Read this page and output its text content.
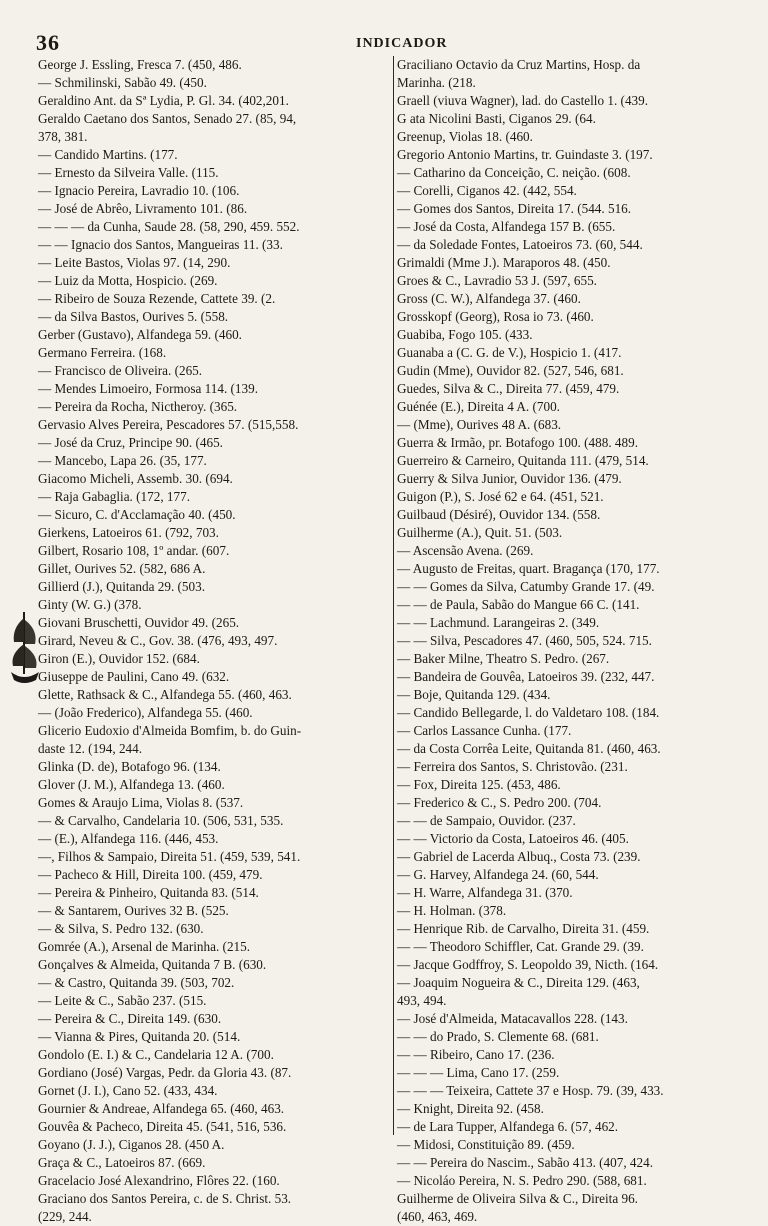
36	INDICADOR
George J. Essling, Fresca 7. (450, 486.
— Schmilinski, Sabão 49. (450.
Geraldino Ant. da Sª Lydia, P. Gl. 34. (402,201.
Geraldo Caetano dos Santos, Senado 27. (85, 94,
378, 381.
— Candido Martins. (177.
— Ernesto da Silveira Valle. (115.
— Ignacio Pereira, Lavradio 10. (106.
— José de Abrêo, Livramento 101. (86.
— — — da Cunha, Saude 28. (58, 290, 459. 552.
— — Ignacio dos Santos, Mangueiras 11. (33.
— Leite Bastos, Violas 97. (14, 290.
— Luiz da Motta, Hospicio. (269.
— Ribeiro de Souza Rezende, Cattete 39. (2.
— da Silva Bastos, Ourives 5. (558.
Gerber (Gustavo), Alfandega 59. (460.
Germano Ferreira. (168.
— Francisco de Oliveira. (265.
— Mendes Limoeiro, Formosa 114. (139.
— Pereira da Rocha, Nictheroy. (365.
Gervasio Alves Pereira, Pescadores 57. (515,558.
— José da Cruz, Principe 90. (465.
— Mancebo, Lapa 26. (35, 177.
Giacomo Micheli, Assemb. 30. (694.
— Raja Gabaglia. (172, 177.
— Sicuro, C. d'Acclamação 40. (450.
Gierkens, Latoeiros 61. (792, 703.
Gilbert, Rosario 108, 1º andar. (607.
Gillet, Ourives 52. (582, 686 A.
Gillierd (J.), Quitanda 29. (503.
Ginty (W. G.) (378.
Giovani Bruschetti, Ouvidor 49. (265.
Girard, Neveu & C., Gov. 38. (476, 493, 497.
Giron (E.), Ouvidor 152. (684.
Giuseppe de Paulini, Cano 49. (632.
Glette, Rathsack & C., Alfandega 55. (460, 463.
— (João Frederico), Alfandega 55. (460.
Glicerio Eudoxio d'Almeida Bomfim, b. do Guin-
daste 12. (194, 244.
Glinka (D. de), Botafogo 96. (134.
Glover (J. M.), Alfandega 13. (460.
Gomes & Araujo Lima, Violas 8. (537.
— & Carvalho, Candelaria 10. (506, 531, 535.
— (E.), Alfandega 116. (446, 453.
—, Filhos & Sampaio, Direita 51. (459, 539, 541.
— Pacheco & Hill, Direita 100. (459, 479.
— Pereira & Pinheiro, Quitanda 83. (514.
— & Santarem, Ourives 32 B. (525.
— & Silva, S. Pedro 132. (630.
Gomrée (A.), Arsenal de Marinha. (215.
Gonçalves & Almeida, Quitanda 7 B. (630.
— & Castro, Quitanda 39. (503, 702.
— Leite & C., Sabão 237. (515.
— Pereira & C., Direita 149. (630.
— Vianna & Pires, Quitanda 20. (514.
Gondolo (E. I.) & C., Candelaria 12 A. (700.
Gordiano (José) Vargas, Pedr. da Gloria 43. (87.
Gornet (J. I.), Cano 52. (433, 434.
Gournier & Andreae, Alfandega 65. (460, 463.
Gouvêa & Pacheco, Direita 45. (541, 516, 536.
Goyano (J. J.), Ciganos 28. (450 A.
Graça & C., Latoeiros 87. (669.
Gracelacio José Alexandrino, Flôres 22. (160.
Graciano dos Santos Pereira, c. de S. Christ. 53.
(229, 244.
Graciliano Octavio da Cruz Martins, Hosp. da
Marinha. (218.
Graell (viuva Wagner), lad. do Castello 1. (439.
G ata Nicolini Basti, Ciganos 29. (64.
Greenup, Violas 18. (460.
Gregorio Antonio Martins, tr. Guindaste 3. (197.
— Catharino da Conceição, C. neição. (608.
— Corelli, Ciganos 42. (442, 554.
— Gomes dos Santos, Direita 17. (544. 516.
— José da Costa, Alfandega 157 B. (655.
— da Soledade Fontes, Latoeiros 73. (60, 544.
Grimaldi (Mme J.). Maraporos 48. (450.
Groes & C., Lavradio 53 J. (597, 655.
Gross (C. W.), Alfandega 37. (460.
Grosskopf (Georg), Rosa io 73. (460.
Guabiba, Fogo 105. (433.
Guanaba a (C. G. de V.), Hospicio 1. (417.
Gudin (Mme), Ouvidor 82. (527, 546, 681.
Guedes, Silva & C., Direita 77. (459, 479.
Guénée (E.), Direita 4 A. (700.
— (Mme), Ourives 48 A. (683.
Guerra & Irmão, pr. Botafogo 100. (488. 489.
Guerreiro & Carneiro, Quitanda 111. (479, 514.
Guerry & Silva Junior, Ouvidor 136. (479.
Guigon (P.), S. José 62 e 64. (451, 521.
Guilbaud (Désiré), Ouvidor 134. (558.
Guilherme (A.), Quit. 51. (503.
— Ascensão Avena. (269.
— Augusto de Freitas, quart. Bragança (170, 177.
— — Gomes da Silva, Catumby Grande 17. (49.
— — de Paula, Sabão do Mangue 66 C. (141.
— — Lachmund. Larangeiras 2. (349.
— — Silva, Pescadores 47. (460, 505, 524. 715.
— Baker Milne, Theatro S. Pedro. (267.
— Bandeira de Gouvêa, Latoeiros 39. (232, 447.
— Boje, Quitanda 129. (434.
— Candido Bellegarde, l. do Valdetaro 108. (184.
— Carlos Lassance Cunha. (177.
— da Costa Corrêa Leite, Quitanda 81. (460, 463.
— Ferreira dos Santos, S. Christovão. (231.
— Fox, Direita 125. (453, 486.
— Frederico & C., S. Pedro 200. (704.
— — de Sampaio, Ouvidor. (237.
— — Victorio da Costa, Latoeiros 46. (405.
— Gabriel de Lacerda Albuq., Costa 73. (239.
— G. Harvey, Alfandega 24. (60, 544.
— H. Warre, Alfandega 31. (370.
— H. Holman. (378.
— Henrique Rib. de Carvalho, Direita 31. (459.
— — Theodoro Schiffler, Cat. Grande 29. (39.
— Jacque Godffroy, S. Leopoldo 39, Nicth. (164.
— Joaquim Nogueira & C., Direita 129. (463,
493, 494.
— José d'Almeida, Matacavallos 228. (143.
— — do Prado, S. Clemente 68. (681.
— — Ribeiro, Cano 17. (236.
— — — Lima, Cano 17. (259.
— — — Teixeira, Cattete 37 e Hosp. 79. (39, 433.
— Knight, Direita 92. (458.
— de Lara Tupper, Alfandega 6. (57, 462.
— Midosi, Constituição 89. (459.
— — Pereira do Nascim., Sabão 413. (407, 424.
— Nicoláo Pereira, N. S. Pedro 290. (588, 681.
Guilherme de Oliveira Silva & C., Direita 96.
(460, 463, 469.
